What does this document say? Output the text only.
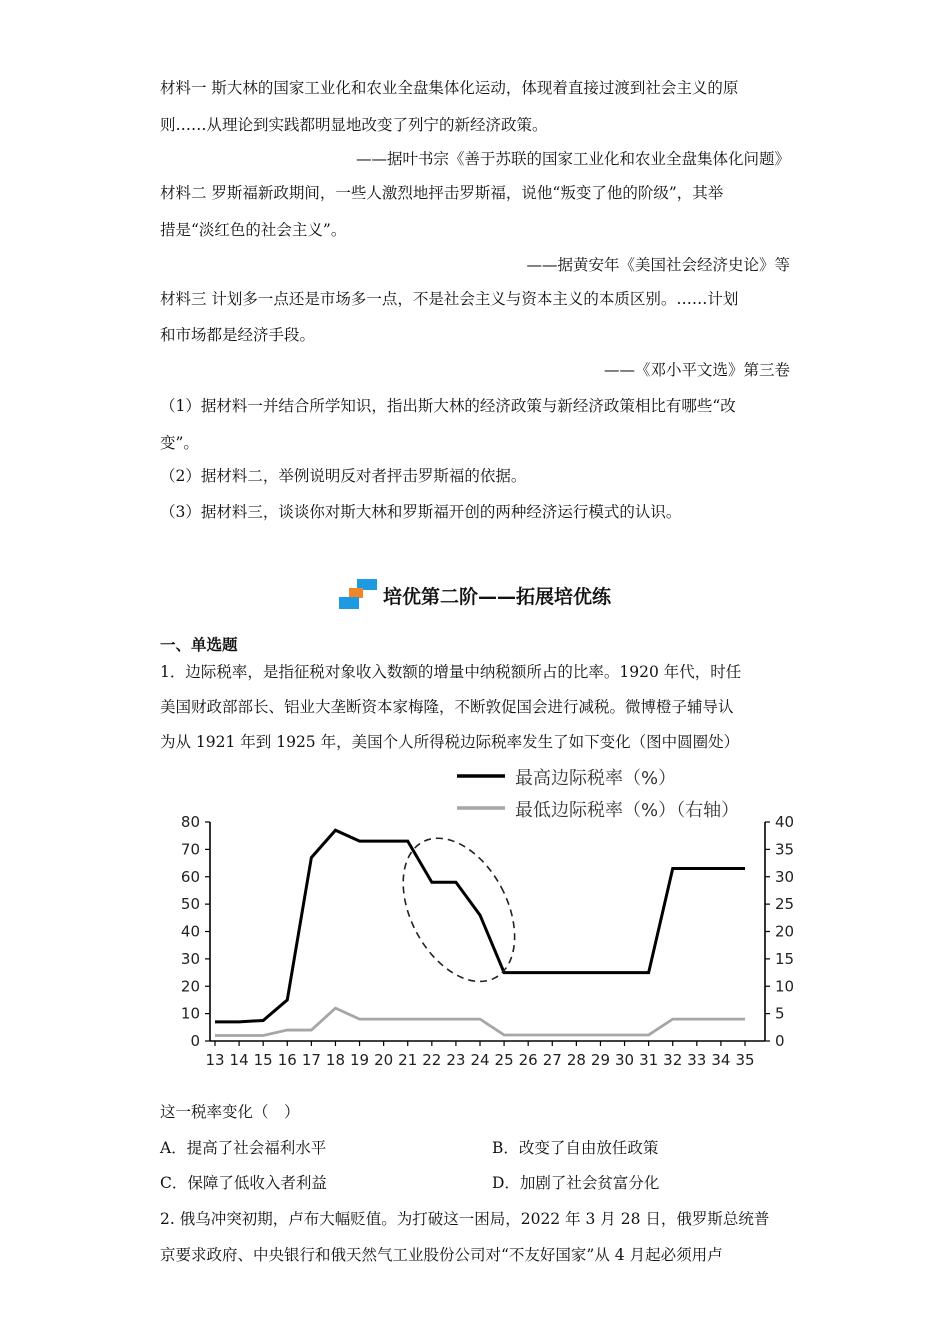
材料一 斯大林的国家工业化和农业全盘集体化运动，体现着直接过渡到社会主义的原
则……从理论到实践都明显地改变了列宁的新经济政策。
——据叶书宗《善于苏联的国家工业化和农业全盘集体化问题》
材料二 罗斯福新政期间，一些人激烈地抨击罗斯福，说他“叛变了他的阶级”，其举
措是“淡红色的社会主义”。
——据黄安年《美国社会经济史论》等
材料三 计划多一点还是市场多一点，不是社会主义与资本主义的本质区别。……计划
和市场都是经济手段。
——《邓小平文选》第三卷
（1）据材料一并结合所学知识，指出斯大林的经济政策与新经济政策相比有哪些“改
变”。
（2）据材料二，举例说明反对者抨击罗斯福的依据。
（3）据材料三，谈谈你对斯大林和罗斯福开创的两种经济运行模式的认识。
培优第二阶——拓展培优练
一、单选题
1．边际税率，是指征税对象收入数额的增量中纳税额所占的比率。1920 年代，时任
美国财政部部长、铝业大垄断资本家梅隆，不断敦促国会进行减税。微博橙子辅导认
为从 1921 年到 1925 年，美国个人所得税边际税率发生了如下变化（图中圆圈处）
0
10
20
30
40
50
60
70
80
0
5
10
15
20
25
30
35
40
13 14 15 16 17 18 19 20 21 22 23 24 25 26 27 28 29 30 31 32 33 34 35
最高边际税率（%）
最低边际税率（%）（右轴）
这一税率变化（　）
A．提高了社会福利水平	B．改变了自由放任政策
C．保障了低收入者利益	D．加剧了社会贫富分化
2. 俄乌冲突初期，卢布大幅贬值。为打破这一困局，2022 年 3 月 28 日，俄罗斯总统普
京要求政府、中央银行和俄天然气工业股份公司对“不友好国家”从 4 月起必须用卢
